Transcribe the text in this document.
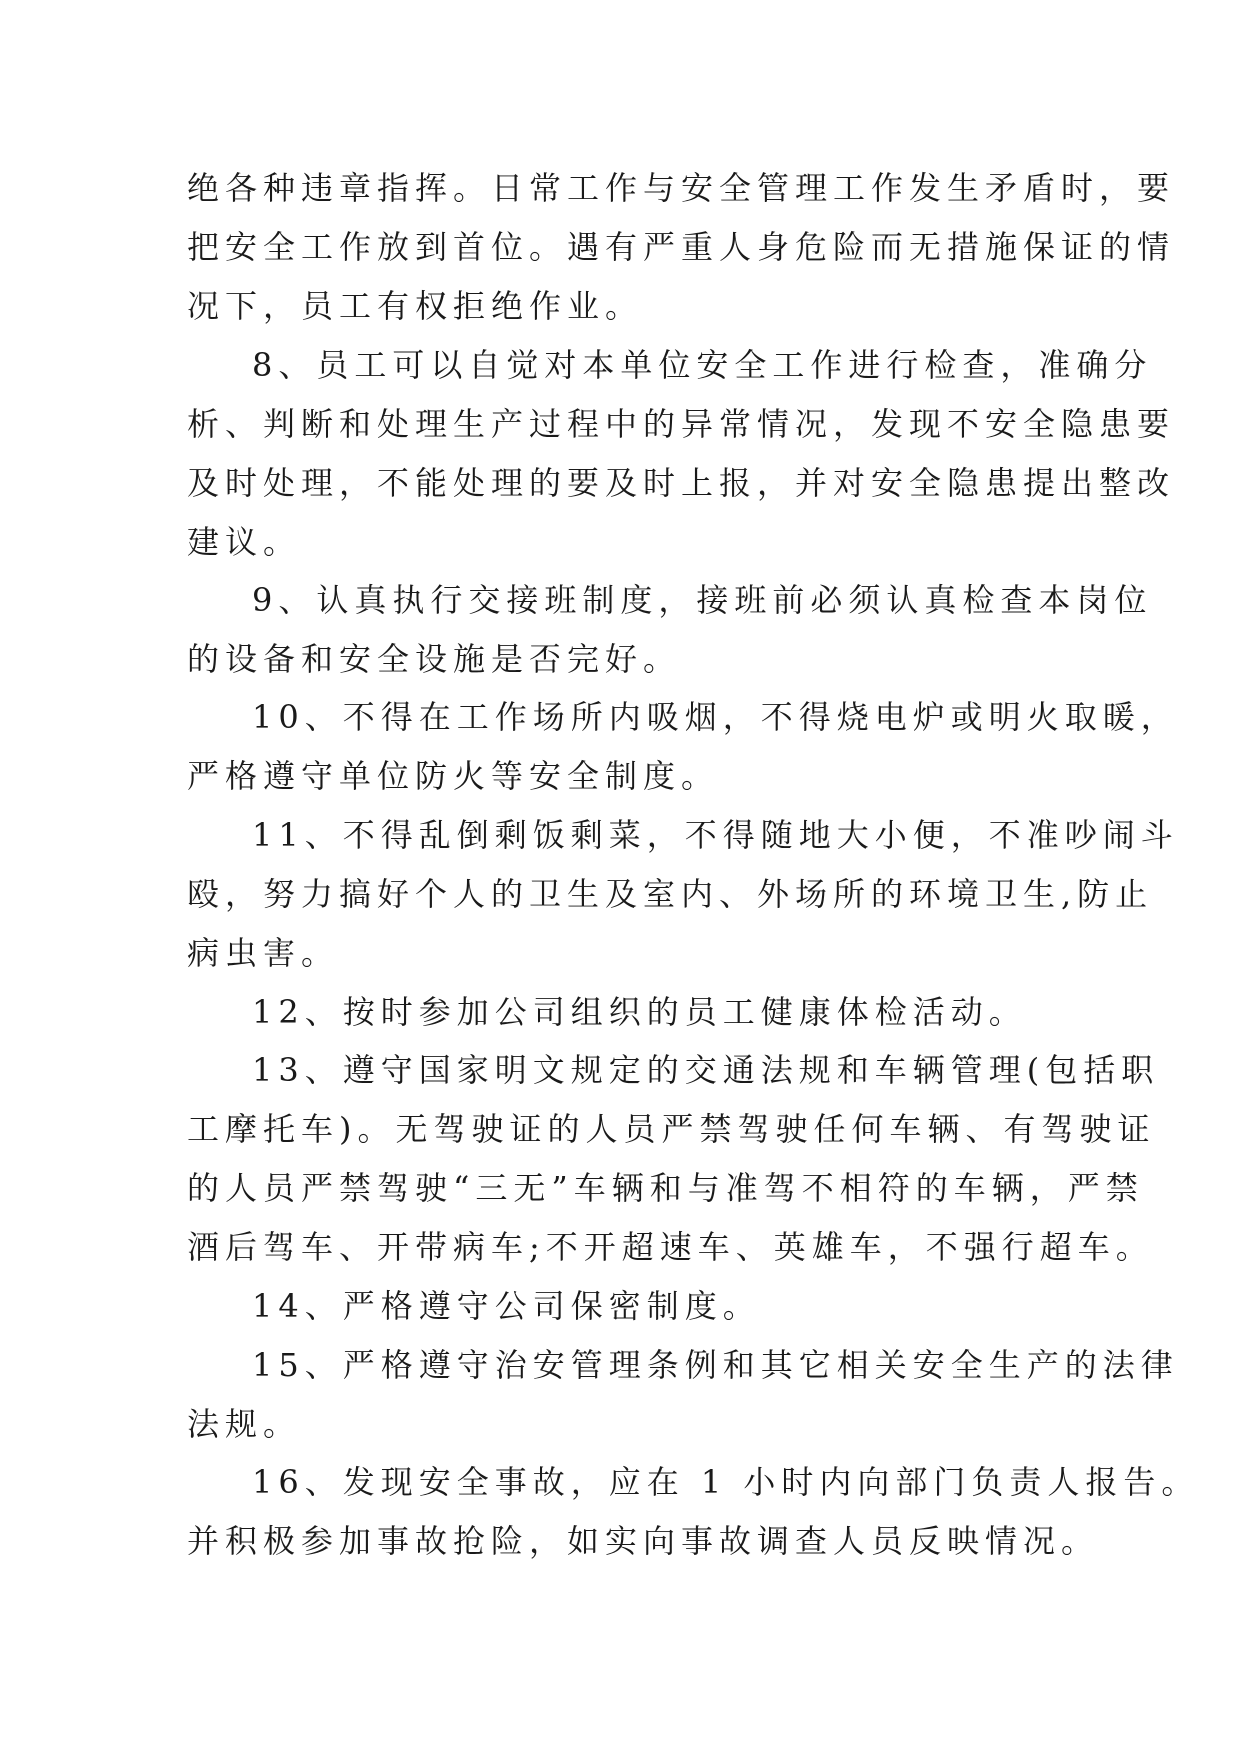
绝各种违章指挥。日常工作与安全管理工作发生矛盾时，要
把安全工作放到首位。遇有严重人身危险而无措施保证的情
况下，员工有权拒绝作业。
8、员工可以自觉对本单位安全工作进行检查，准确分
析、判断和处理生产过程中的异常情况，发现不安全隐患要
及时处理，不能处理的要及时上报，并对安全隐患提出整改
建议。
9、认真执行交接班制度，接班前必须认真检查本岗位
的设备和安全设施是否完好。
10、不得在工作场所内吸烟，不得烧电炉或明火取暖，
严格遵守单位防火等安全制度。
11、不得乱倒剩饭剩菜，不得随地大小便，不准吵闹斗
殴，努力搞好个人的卫生及室内、外场所的环境卫生,防止
病虫害。
12、按时参加公司组织的员工健康体检活动。
13、遵守国家明文规定的交通法规和车辆管理(包括职
工摩托车)。无驾驶证的人员严禁驾驶任何车辆、有驾驶证
的人员严禁驾驶“三无”车辆和与准驾不相符的车辆，严禁
酒后驾车、开带病车;不开超速车、英雄车，不强行超车。
14、严格遵守公司保密制度。
15、严格遵守治安管理条例和其它相关安全生产的法律
法规。
16、发现安全事故，应在 1 小时内向部门负责人报告。
并积极参加事故抢险，如实向事故调查人员反映情况。
